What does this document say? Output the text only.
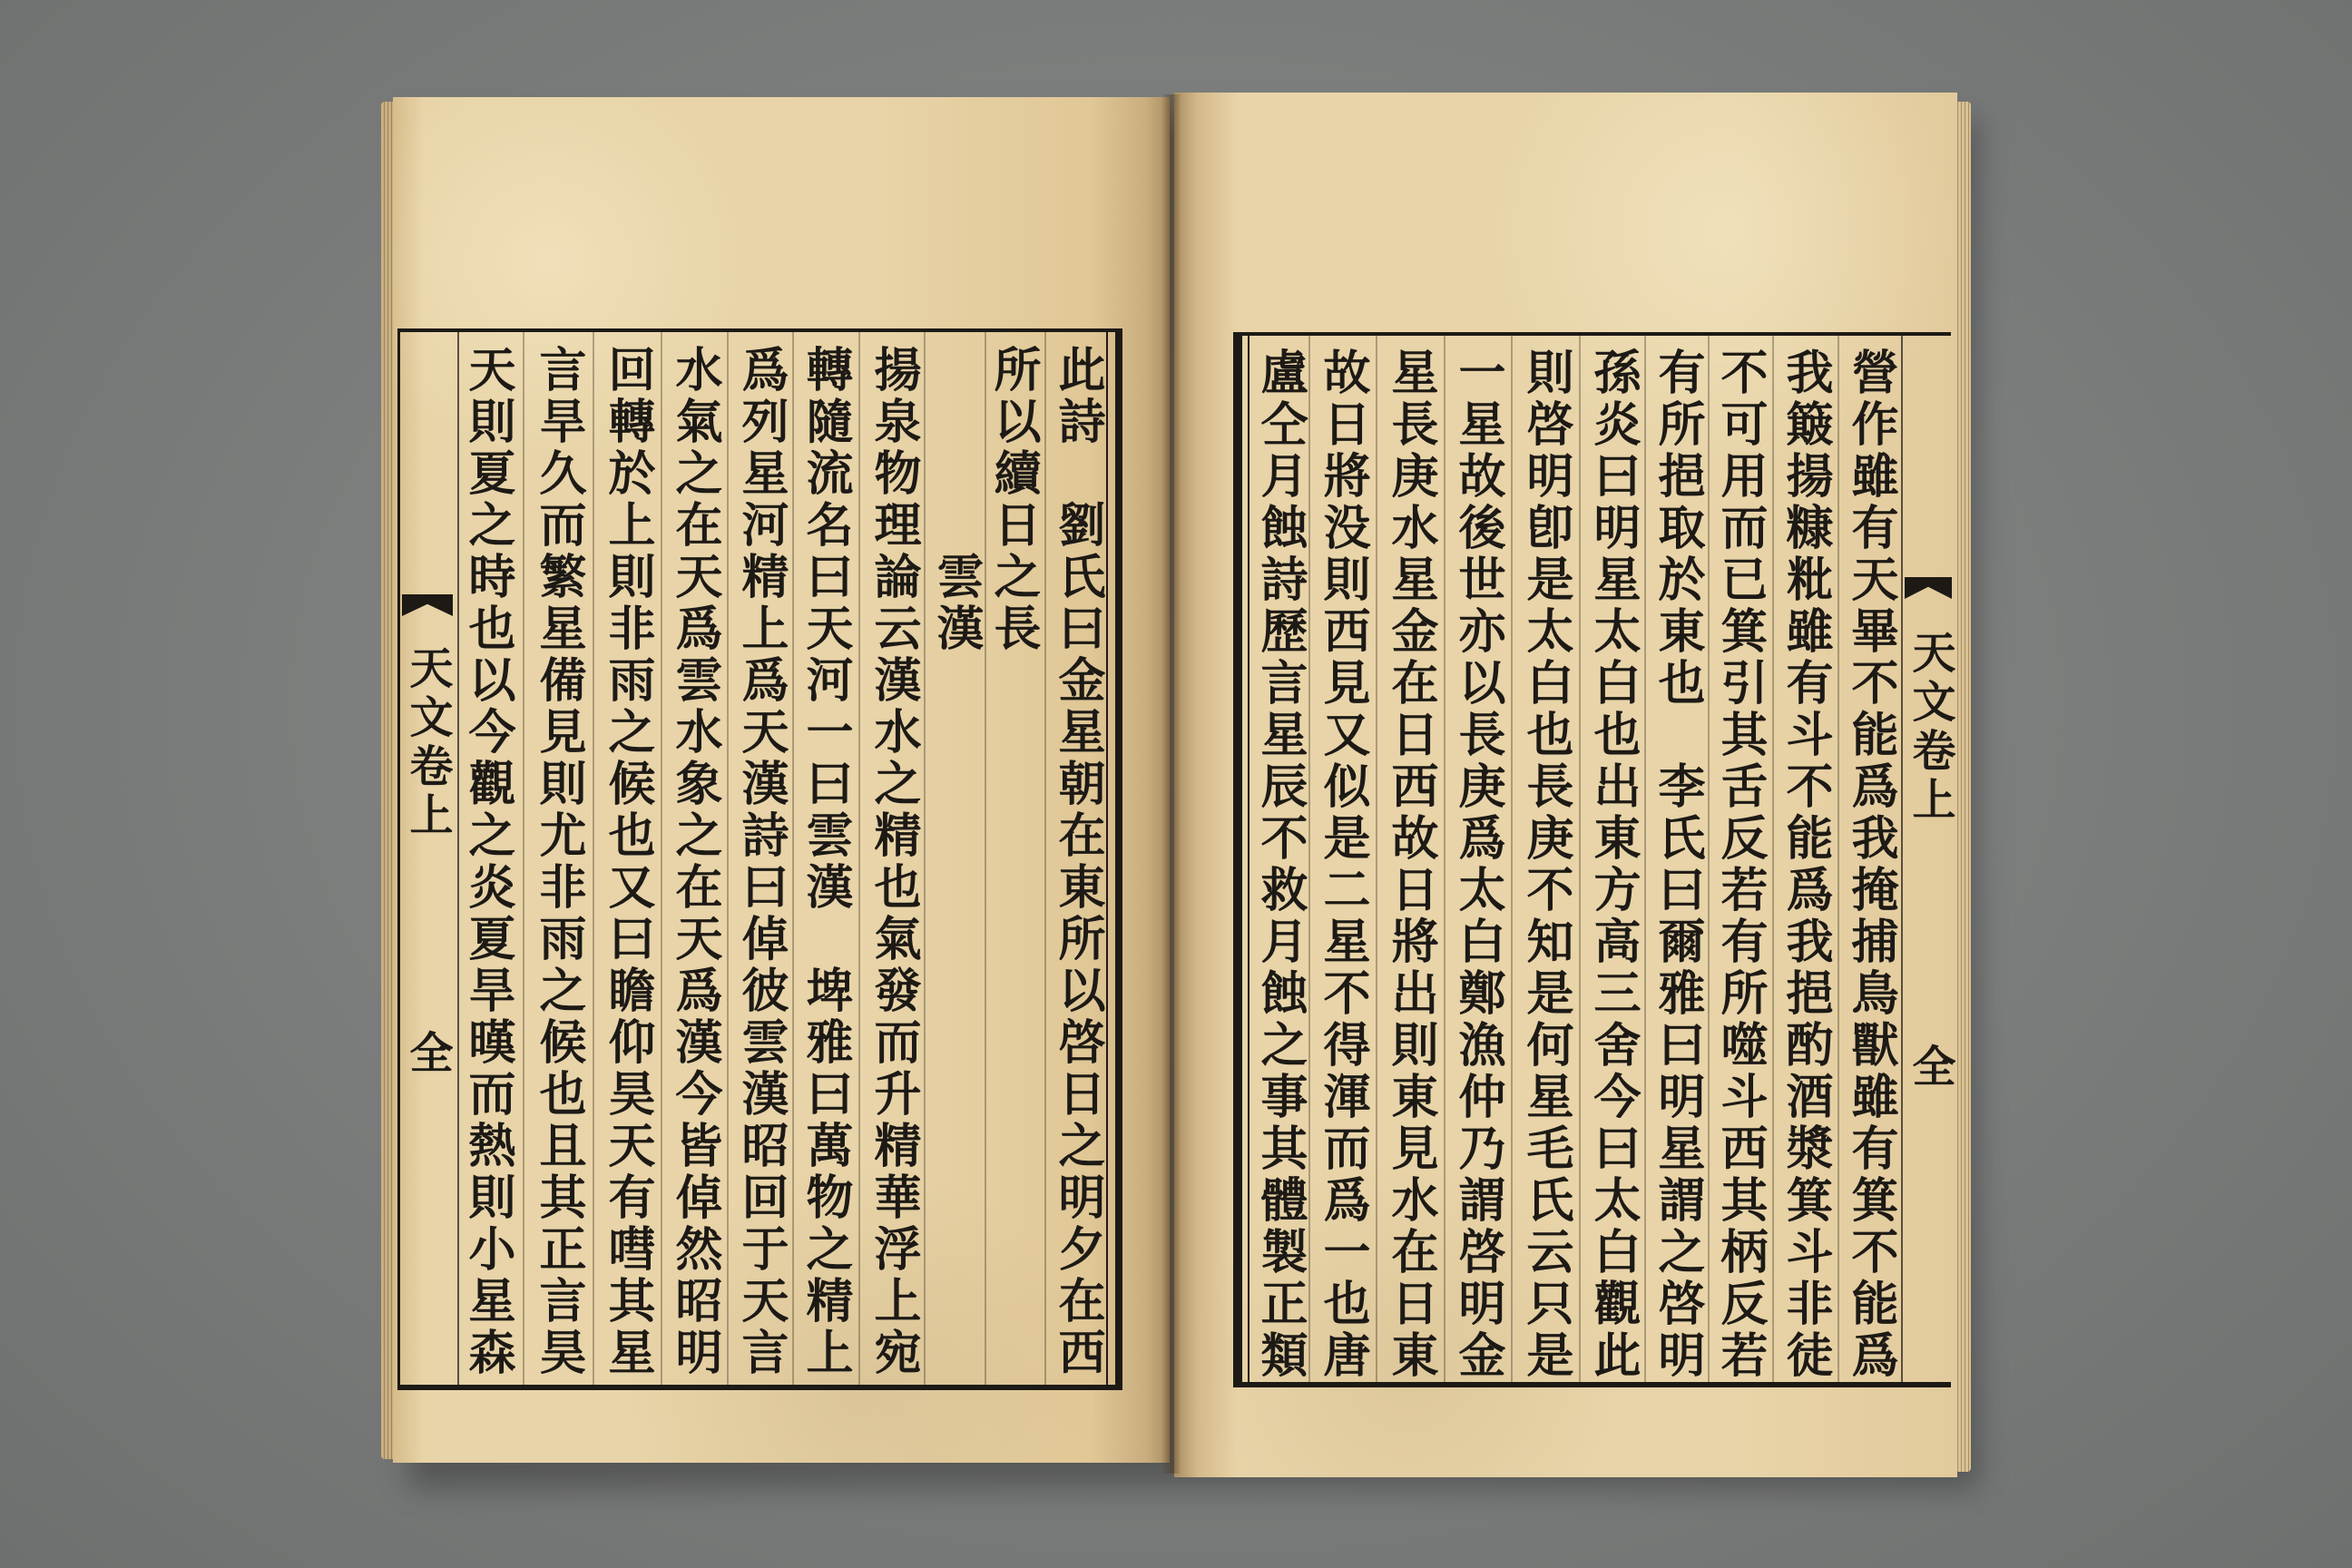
此詩　劉氏曰金星朝在東所以啓日之明夕在西
所以續日之長
雲漢
揚泉物理論云漢水之精也氣發而升精華浮上宛
轉隨流名曰天河一曰雲漢　埤雅曰萬物之精上
爲列星河精上爲天漢詩曰倬彼雲漢昭回于天言
水氣之在天爲雲水象之在天爲漢今皆倬然昭明
回轉於上則非雨之候也又曰瞻仰昊天有嘒其星
言旱久而繁星備見則尤非雨之候也且其正言昊
天則夏之時也以今觀之炎夏旱暵而熱則小星森
天文卷上
全	營作雖有天畢不能爲我掩捕鳥獸雖有箕不能爲
我簸揚糠粃雖有斗不能爲我挹酌酒漿箕斗非徒
不可用而已箕引其舌反若有所噬斗西其柄反若
有所挹取於東也　李氏曰爾雅曰明星謂之啓明
孫炎曰明星太白也出東方高三舍今曰太白觀此
則啓明卽是太白也長庚不知是何星毛氏云只是
一星故後世亦以長庚爲太白鄭漁仲乃謂啓明金
星長庚水星金在日西故日將出則東見水在日東
故日將没則西見又似是二星不得渾而爲一也唐
盧仝月蝕詩歷言星辰不救月蝕之事其體製正類	天文卷上
全
